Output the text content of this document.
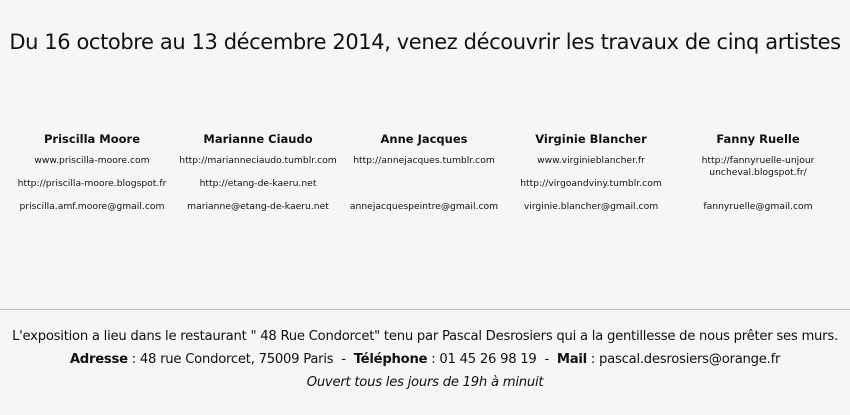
Du 16 octobre au 13 décembre 2014, venez découvrir les travaux de cinq artistes
Priscilla Moore
www.priscilla-moore.com
http://priscilla-moore.blogspot.fr
priscilla.amf.moore@gmail.com
Marianne Ciaudo
http://marianneciaudo.tumblr.com
http://etang-de-kaeru.net
marianne@etang-de-kaeru.net
Anne Jacques
http://annejacques.tumblr.com
annejacquespeintre@gmail.com
Virginie Blancher
www.virginieblancher.fr
http://virgoandviny.tumblr.com
virginie.blancher@gmail.com
Fanny Ruelle
http://fannyruelle-unjour uncheval.blogspot.fr/
fannyruelle@gmail.com
L'exposition a lieu dans le restaurant " 48 Rue Condorcet" tenu par Pascal Desrosiers qui a la gentillesse de nous prêter ses murs.
Adresse : 48 rue Condorcet, 75009 Paris - Téléphone : 01 45 26 98 19 - Mail : pascal.desrosiers@orange.fr
Ouvert tous les jours de 19h à minuit
